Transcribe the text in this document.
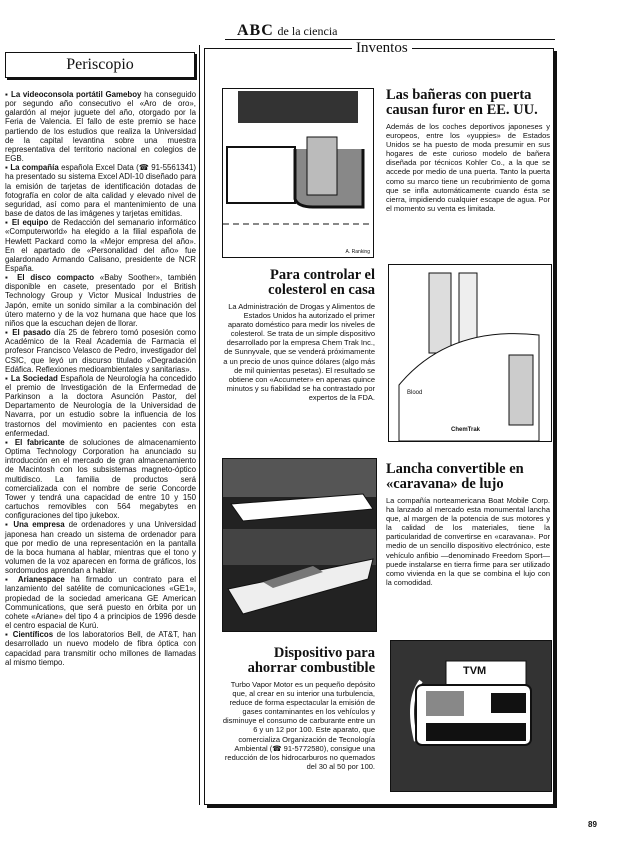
ABC de la ciencia
Periscopio

▪ La videoconsola portátil Gameboy ha conseguido por segundo año consecutivo el «Aro de oro», galardón al mejor juguete del año, otorgado por la Feria de Valencia. El fallo de este premio se hace partiendo de los estudios que realiza la Universidad de la capital levantina sobre una muestra representativa del territorio nacional en colegios de EGB.

▪ La compañía española Excel Data (☎ 91-5561341) ha presentado su sistema Excel ADI-10 diseñado para la emisión de tarjetas de identificación dotadas de fotografía en color de alta calidad y elevado nivel de seguridad, así como para el mantenimiento de una base de datos de las imágenes y tarjetas emitidas.

▪ El equipo de Redacción del semanario informático «Computerworld» ha elegido a la filial española de Hewlett Packard como la «Mejor empresa del año». En el apartado de «Personalidad del año» fue galardonado Armando Calisano, presidente de NCR España.

▪ El disco compacto «Baby Soother», también disponible en casete, presentado por el British Technology Group y Victor Musical Industries de Japón, emite un sonido similar a la combinación del útero materno y de la voz humana que hace que los niños que la escuchan dejen de llorar.

▪ El pasado día 25 de febrero tomó posesión como Académico de la Real Academia de Farmacia el profesor Francisco Velasco de Pedro, investigador del CSIC, que leyó un discurso titulado «Degradación Edáfica. Reflexiones medioambientales y sanitarias».

▪ La Sociedad Española de Neurología ha concedido el premio de Investigación de la Enfermedad de Parkinson a la doctora Asunción Pastor, del Departamento de Neurología de la Universidad de Navarra, por un estudio sobre la influencia de los trastornos del movimiento en pacientes con esta enfermedad.

▪ El fabricante de soluciones de almacenamiento Optima Technology Corporation ha anunciado su introducción en el mercado de gran almacenamiento de Macintosh con los subsistemas magneto-óptico multidisco. La familia de productos será comercializada con el nombre de serie Concorde Tower y tendrá una capacidad de entre 10 y 150 cartuchos removibles con 564 megabytes en configuraciones del tipo jukebox.

▪ Una empresa de ordenadores y una Universidad japonesa han creado un sistema de ordenador para que por medio de una representación en la pantalla de la boca humana al hablar, mientras que el tono y volumen de la voz aparecen en forma de gráficos, los sordomudos aprendan a hablar.

▪ Arianespace ha firmado un contrato para el lanzamiento del satélite de comunicaciones «GE1», propiedad de la sociedad americana GE American Communications, que será puesto en órbita por un cohete «Ariane» del tipo 4 a principios de 1996 desde el centro espacial de Kurú.

▪ Científicos de los laboratorios Bell, de AT&T, han desarrollado un nuevo modelo de fibra óptica con capacidad para transmitir ocho millones de llamadas al mismo tiempo.

Inventos
A. Ranking
Las bañeras con puerta causan furor en EE. UU.
Además de los coches deportivos japoneses y europeos, entre los «yuppies» de Estados Unidos se ha puesto de moda presumir en sus hogares de este curioso modelo de bañera diseñada por técnicos Kohler Co., a la que se accede por medio de una puerta. Tanto la puerta como su marco tiene un recubrimiento de goma que se infla automáticamente cuando ésta se cierra, impidiendo cualquier escape de agua. Por el momento su venta es limitada.
Para controlar el colesterol en casa
La Administración de Drogas y Alimentos de Estados Unidos ha autorizado el primer aparato doméstico para medir los niveles de colesterol. Se trata de un simple dispositivo desarrollado por la empresa Chem Trak Inc., de Sunnyvale, que se venderá próximamente a un precio de unos quince dólares (algo más de mil quinientas pesetas). El resultado se obtiene con «Accumeter» en apenas quince minutos y su fiabilidad se ha contrastado por expertos de la FDA.	Blood
ChemTrak
Lancha convertible en «caravana» de lujo
La compañía norteamericana Boat Mobile Corp. ha lanzado al mercado esta monumental lancha que, al margen de la potencia de sus motores y la calidad de los materiales, tiene la particularidad de convertirse en «caravana». Por medio de un sencillo dispositivo electrónico, este vehículo anfibio —denominado Freedom Sport— puede instalarse en tierra firme para ser utilizado como vivienda en la que se combina el lujo con la comodidad.
Dispositivo para ahorrar combustible
Turbo Vapor Motor es un pequeño depósito que, al crear en su interior una turbulencia, reduce de forma espectacular la emisión de gases contaminantes en los vehículos y disminuye el consumo de carburante entre un 6 y un 12 por 100. Este aparato, que comercializa Organización de Tecnología Ambiental (☎ 91-5772580), consigue una reducción de los hidrocarburos no quemados del 30 al 50 por 100.
TVM
89
